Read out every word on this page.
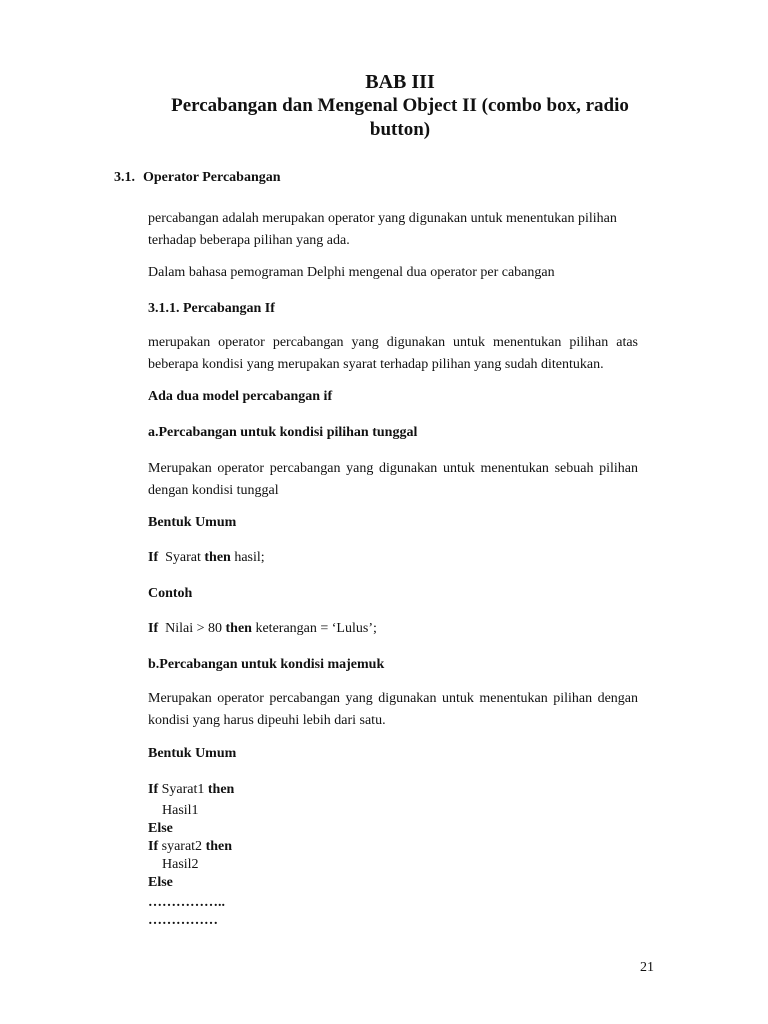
BAB III
Percabangan dan Mengenal Object II (combo box, radio
button)
3.1. Operator Percabangan

percabangan adalah merupakan operator yang digunakan untuk menentukan pilihan terhadap beberapa pilihan yang ada.

Dalam bahasa pemograman Delphi mengenal dua operator per cabangan

3.1.1. Percabangan If

merupakan operator percabangan yang digunakan untuk menentukan pilihan atas beberapa kondisi yang merupakan syarat terhadap pilihan yang sudah ditentukan.

Ada dua model percabangan if

a.Percabangan untuk kondisi pilihan tunggal

Merupakan operator percabangan yang digunakan untuk menentukan sebuah pilihan dengan kondisi tunggal

Bentuk Umum

If  Syarat then hasil;

Contoh

If  Nilai > 80 then keterangan = ‘Lulus’;

b.Percabangan untuk kondisi majemuk

Merupakan operator percabangan yang digunakan untuk menentukan pilihan dengan kondisi yang harus dipeuhi lebih dari satu.

Bentuk Umum

If Syarat1 then

Hasil1

Else

If syarat2 then

Hasil2

Else

……………..

……………

21
